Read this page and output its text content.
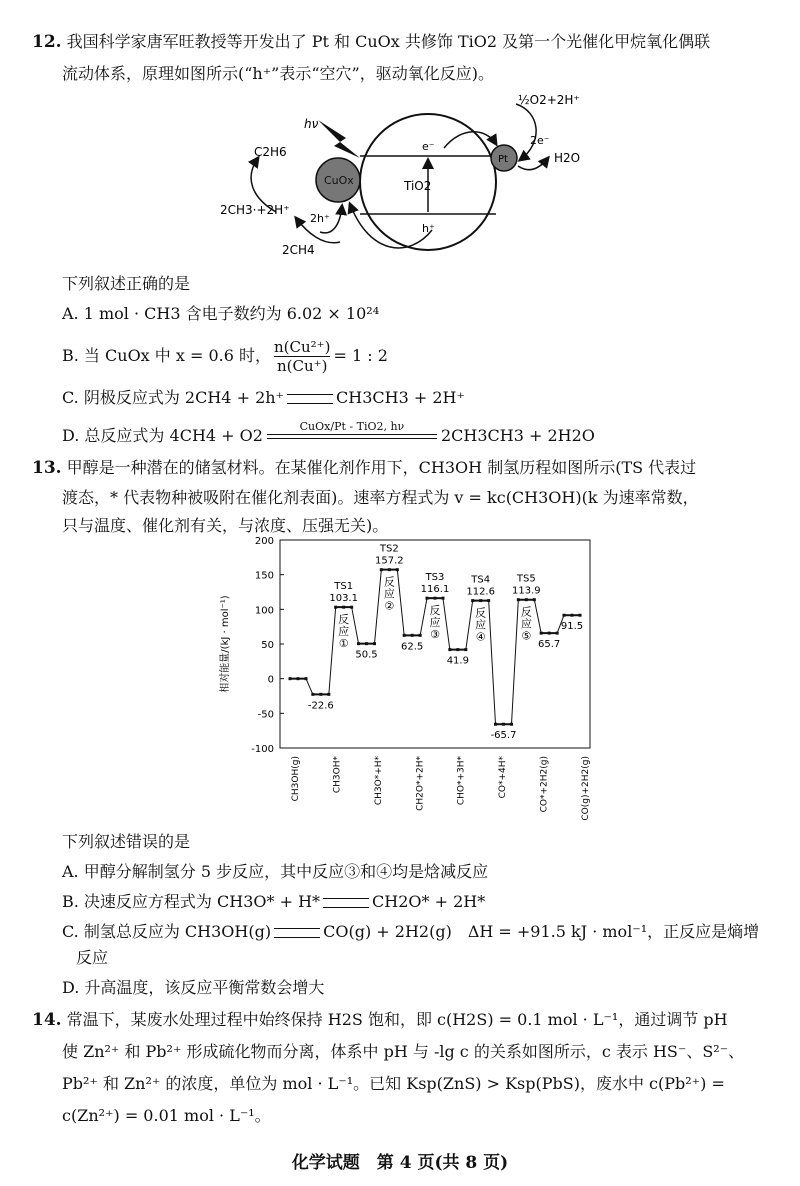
12. 我国科学家唐军旺教授等开发出了 Pt 和 CuOx 共修饰 TiO2 及第一个光催化甲烷氧化偶联
流动体系，原理如图所示(“h⁺”表示“空穴”，驱动氧化反应)。
hν
C2H6
2CH3·+2H⁺
2CH4
2h⁺
CuOx	TiO2
e⁻
h⁺
Pt
½O2+2H⁺
2e⁻
H2O
下列叙述正确的是
A. 1 mol · CH3 含电子数约为 6.02 × 10²⁴
B. 当 CuOx 中 x = 0.6 时， $\frac{\text{n(Cu²⁺)}}{n(Cu^+)} = 1$ : 2
C. 阴极反应式为 2CH4 + 2h⁺	CH3CH3 + 2H⁺
D. 总反应式为 4CH4 + O2	CuOx/Pt - TiO2, hν	2CH3CH3 + 2H2O
13. 甲醇是一种潜在的储氢材料。在某催化剂作用下，CH3OH 制氢历程如图所示(TS 代表过
渡态，* 代表物种被吸附在催化剂表面)。速率方程式为 v = kc(CH3OH)(k 为速率常数，
只与温度、催化剂有关，与浓度、压强无关)。
相对能量/(kJ · mol⁻¹)
200
150
100
50
0
-50
-100
-22.6
TS1
103.1
反
应
①
50.5
TS2
157.2
反
应
②
62.5
TS3
116.1
反
应
③
41.9
TS4
112.6
反
应
④
-65.7
TS5
113.9
反
应
⑤
65.7
91.5
CH3OH(g)	CH3OH*	CH3O*+H*	CH2O*+2H*	CHO*+3H*	CO*+4H*	CO*+2H2(g)	CO(g)+2H2(g)
下列叙述错误的是
A. 甲醇分解制氢分 5 步反应，其中反应③和④均是焓减反应
B. 决速反应方程式为 CH3O* + H*	CH2O* + 2H*
C. 制氢总反应为 CH3OH(g)	CO(g) + 2H2(g)　ΔH = +91.5 kJ · mol⁻¹，正反应是熵增
反应
D. 升高温度，该反应平衡常数会增大
14. 常温下，某废水处理过程中始终保持 H2S 饱和，即 c(H2S) = 0.1 mol · L⁻¹，通过调节 pH
使 Zn²⁺ 和 Pb²⁺ 形成硫化物而分离，体系中 pH 与 -lg c 的关系如图所示，c 表示 HS⁻、S²⁻、
Pb²⁺ 和 Zn²⁺ 的浓度，单位为 mol · L⁻¹。已知 Ksp(ZnS) > Ksp(PbS)，废水中 c(Pb²⁺) =
c(Zn²⁺) = 0.01 mol · L⁻¹。
化学试题　第 4 页(共 8 页)
